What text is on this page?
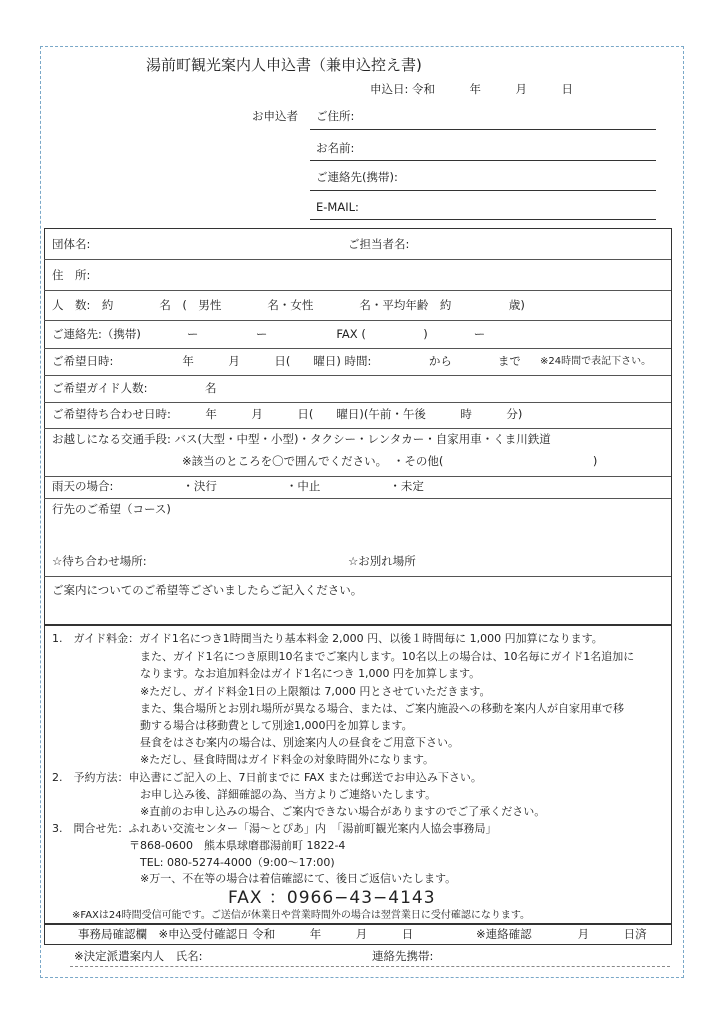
湯前町観光案内人申込書（兼申込控え書)
申込日: 令和　　　年　　　月　　　日
お申込者 ご住所:
お名前:
ご連絡先(携帯):
E-MAIL:
団体名:	ご担当者名:
住　所:
人　数:　約　　　　名　(　男性　　　　名・女性　　　　名・平均年齢　約　　　　　歳)
ご連絡先:（携帯)　　　　ー　　　　　ー　　　　　　FAX (　　　　　)　　　　ー
ご希望日時:　　　　　　年　　　月　　　日(　　曜日) 時間:　　　　　から　　　　まで ※24時間で表記下さい。
ご希望ガイド人数:　　　　　名
ご希望待ち合わせ日時:　　　年　　　月　　　日(　　曜日)(午前・午後　　　時　　　分)
お越しになる交通手段: バス(大型・中型・小型)・タクシー・レンタカー・自家用車・くま川鉄道
※該当のところを〇で囲んでください。　・その他(　　　　　　　　　　　　　)
雨天の場合:　　　　　　・決行　　　　　　・中止　　　　　　・未定
行先のご希望（コース)
☆待ち合わせ場所:	☆お別れ場所
ご案内についてのご希望等ございましたらご記入ください。
1.　ガイド料金：ガイド1名につき1時間当たり基本料金 2,000 円、以後１時間毎に 1,000 円加算になります。
　　　　　　　　また、ガイド1名につき原則10名までご案内します。10名以上の場合は、10名毎にガイド1名追加に
　　　　　　　　なります。なお追加料金はガイド1名につき 1,000 円を加算します。
　　　　　　　　※ただし、ガイド料金1日の上限額は 7,000 円とさせていただきます。
　　　　　　　　また、集合場所とお別れ場所が異なる場合、または、ご案内施設への移動を案内人が自家用車で移
　　　　　　　　動する場合は移動費として別途1,000円を加算します。
　　　　　　　　昼食をはさむ案内の場合は、別途案内人の昼食をご用意下さい。
　　　　　　　　※ただし、昼食時間はガイド料金の対象時間外になります。
2.　予約方法：申込書にご記入の上、7日前までに FAX または郵送でお申込み下さい。
　　　　　　　　お申し込み後、詳細確認の為、当方よりご連絡いたします。
　　　　　　　　※直前のお申し込みの場合、ご案内できない場合がありますのでご了承ください。
3.　問合せ先：ふれあい交流センター「湯～とぴあ」内　「湯前町観光案内人協会事務局」
　　　　　　　〒868-0600　熊本県球磨郡湯前町 1822-4
　　　　　　　　TEL: 080-5274-4000（9:00～17:00)
　　　　　　　　※万一、不在等の場合は着信確認にて、後日ご返信いたします。
FAX ：0966−43−4143
※FAXは24時間受信可能です。ご送信が休業日や営業時間外の場合は翌営業日に受付確認になります。
事務局確認欄　※申込受付確認日 令和　　　年　　　月　　　日	※連絡確認　　　　月　　　日済
※決定派遣案内人　氏名:	連絡先携帯:
